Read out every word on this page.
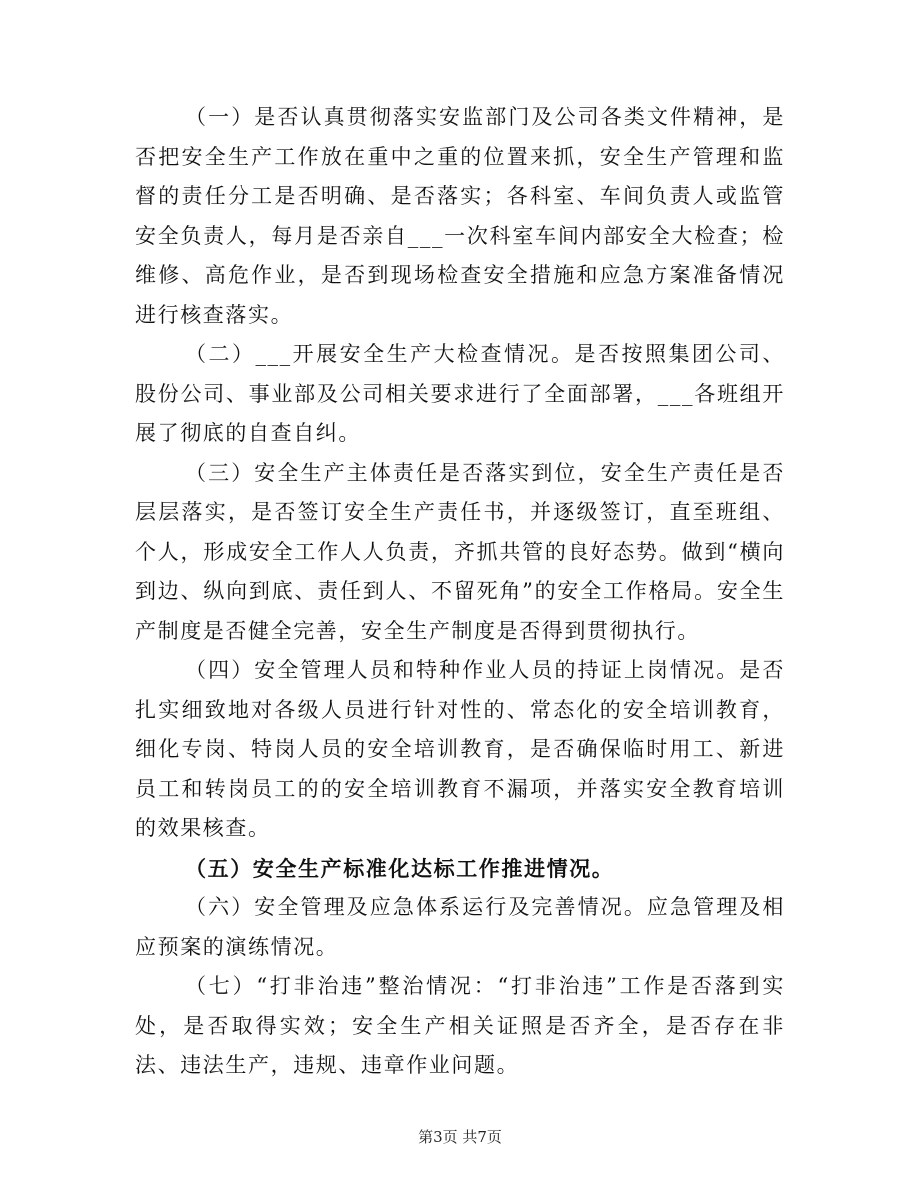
（一）是否认真贯彻落实安监部门及公司各类文件精神，是否把安全生产工作放在重中之重的位置来抓，安全生产管理和监督的责任分工是否明确、是否落实；各科室、车间负责人或监管安全负责人，每月是否亲自___一次科室车间内部安全大检查；检维修、高危作业，是否到现场检查安全措施和应急方案准备情况进行核查落实。

（二）___开展安全生产大检查情况。是否按照集团公司、股份公司、事业部及公司相关要求进行了全面部署，___各班组开展了彻底的自查自纠。

（三）安全生产主体责任是否落实到位，安全生产责任是否层层落实，是否签订安全生产责任书，并逐级签订，直至班组、个人，形成安全工作人人负责，齐抓共管的良好态势。做到“横向到边、纵向到底、责任到人、不留死角”的安全工作格局。安全生产制度是否健全完善，安全生产制度是否得到贯彻执行。

（四）安全管理人员和特种作业人员的持证上岗情况。是否扎实细致地对各级人员进行针对性的、常态化的安全培训教育，细化专岗、特岗人员的安全培训教育，是否确保临时用工、新进员工和转岗员工的的安全培训教育不漏项，并落实安全教育培训的效果核查。

（五）安全生产标准化达标工作推进情况。

（六）安全管理及应急体系运行及完善情况。应急管理及相应预案的演练情况。

（七）“打非治违”整治情况：“打非治违”工作是否落到实处，是否取得实效；安全生产相关证照是否齐全，是否存在非法、违法生产，违规、违章作业问题。

第3页 共7页
